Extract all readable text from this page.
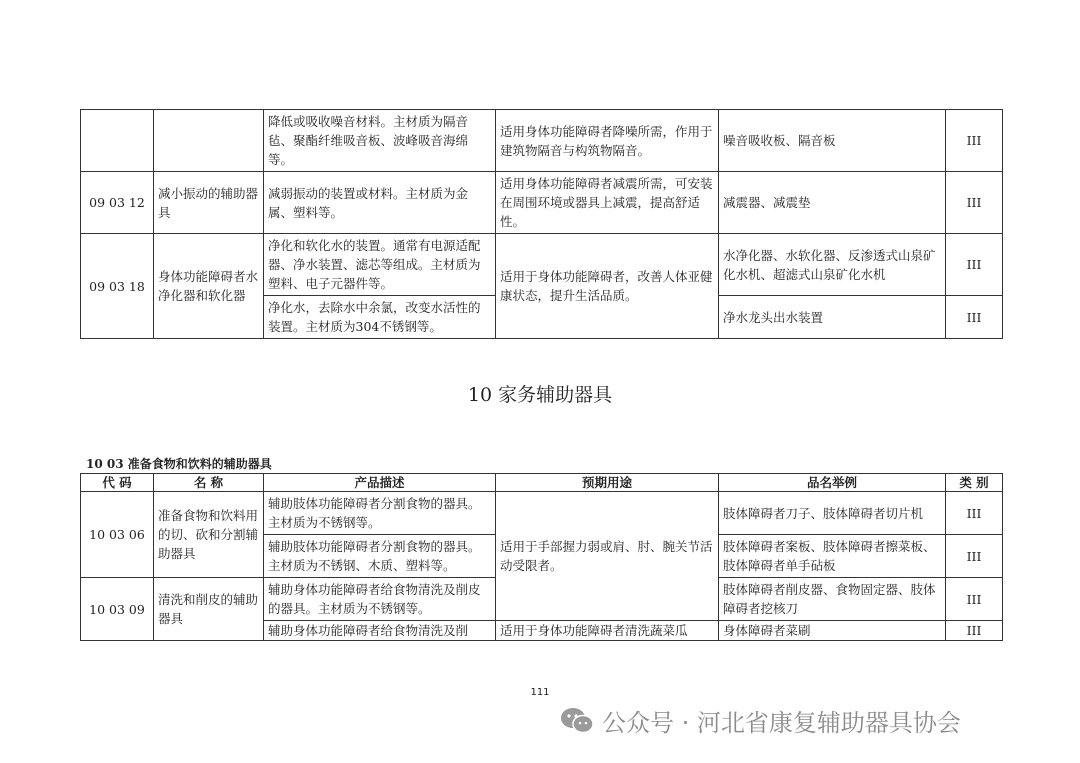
		降低或吸收噪音材料。主材质为隔音毡、聚酯纤维吸音板、波峰吸音海绵等。	适用身体功能障碍者降噪所需，作用于建筑物隔音与构筑物隔音。	噪音吸收板、隔音板	III
09 03 12	减小振动的辅助器具	减弱振动的装置或材料。主材质为金属、塑料等。	适用身体功能障碍者减震所需，可安装在周围环境或器具上减震，提高舒适性。	减震器、减震垫	III
09 03 18	身体功能障碍者水净化器和软化器	净化和软化水的装置。通常有电源适配器、净水装置、滤芯等组成。主材质为塑料、电子元器件等。	适用于身体功能障碍者，改善人体亚健康状态，提升生活品质。	水净化器、水软化器、反渗透式山泉矿化水机、超滤式山泉矿化水机	III
		净化水，去除水中余氯，改变水活性的装置。主材质为304不锈钢等。		净水龙头出水装置	III
10 家务辅助器具
10 03 准备食物和饮料的辅助器具
代 码	名 称	产品描述	预期用途	品名举例	类 别
10 03 06	准备食物和饮料用的切、砍和分割辅助器具	辅助肢体功能障碍者分割食物的器具。主材质为不锈钢等。	适用于手部握力弱或肩、肘、腕关节活动受限者。	肢体障碍者刀子、肢体障碍者切片机	III
		辅助肢体功能障碍者分割食物的器具。主材质为不锈钢、木质、塑料等。		肢体障碍者案板、肢体障碍者擦菜板、肢体障碍者单手砧板	III
10 03 09	清洗和削皮的辅助器具	辅助身体功能障碍者给食物清洗及削皮的器具。主材质为不锈钢等。		肢体障碍者削皮器、食物固定器、肢体障碍者挖核刀	III
		辅助身体功能障碍者给食物清洗及削	适用于身体功能障碍者清洗蔬菜瓜	身体障碍者菜刷	III
111
公众号 · 河北省康复辅助器具协会
